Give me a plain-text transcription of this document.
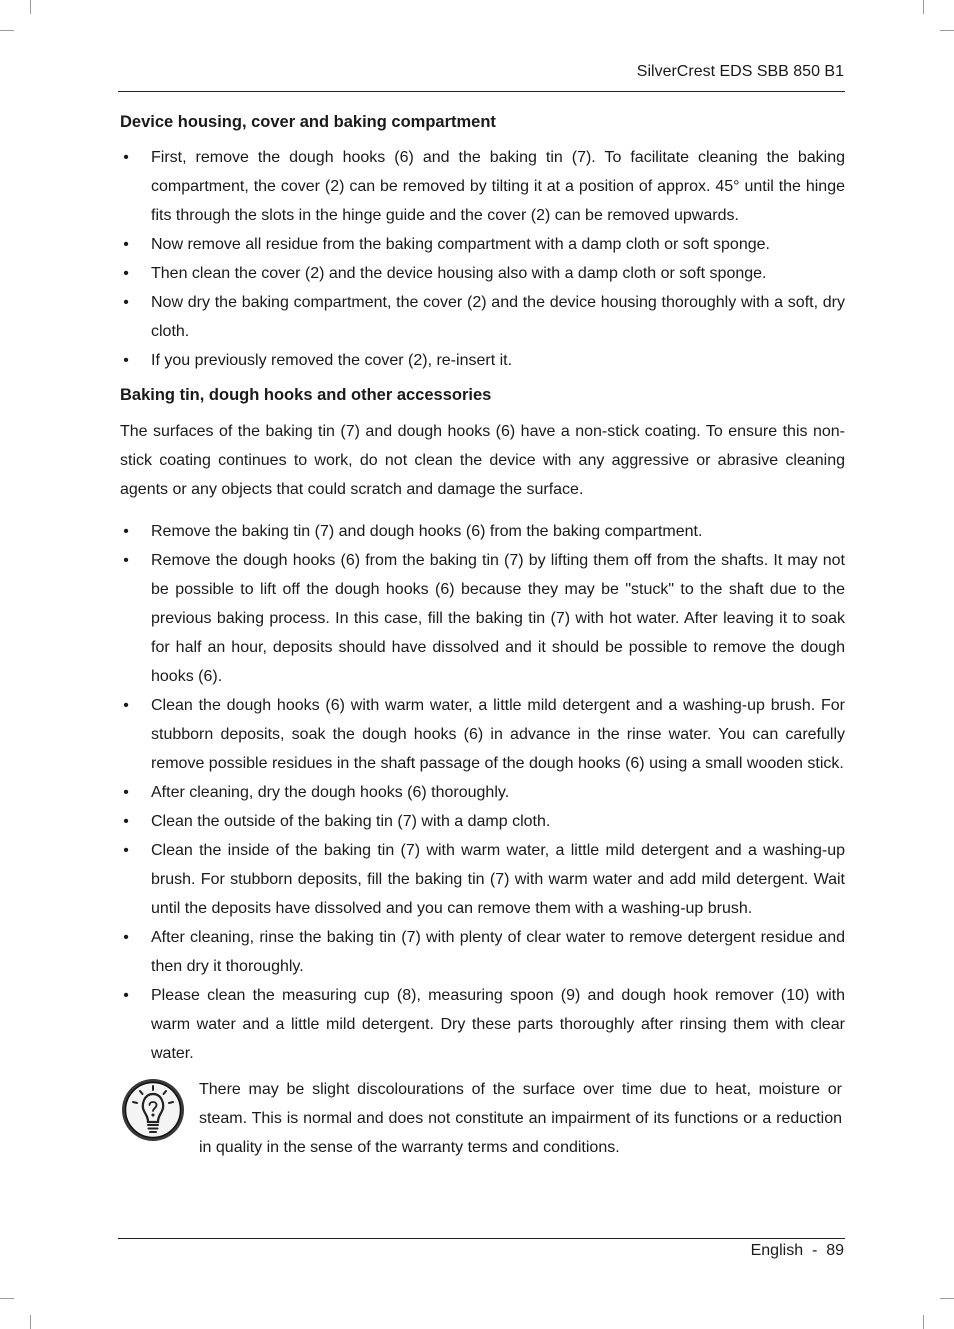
SilverCrest EDS SBB 850 B1
Device housing, cover and baking compartment
• First, remove the dough hooks (6) and the baking tin (7). To facilitate cleaning the baking compartment, the cover (2) can be removed by tilting it at a position of approx. 45° until the hinge fits through the slots in the hinge guide and the cover (2) can be removed upwards.
• Now remove all residue from the baking compartment with a damp cloth or soft sponge.
• Then clean the cover (2) and the device housing also with a damp cloth or soft sponge.
• Now dry the baking compartment, the cover (2) and the device housing thoroughly with a soft, dry cloth.
• If you previously removed the cover (2), re-insert it.
Baking tin, dough hooks and other accessories

The surfaces of the baking tin (7) and dough hooks (6) have a non-stick coating. To ensure this non-stick coating continues to work, do not clean the device with any aggressive or abrasive cleaning agents or any objects that could scratch and damage the surface.

• Remove the baking tin (7) and dough hooks (6) from the baking compartment.
• Remove the dough hooks (6) from the baking tin (7) by lifting them off from the shafts. It may not be possible to lift off the dough hooks (6) because they may be "stuck" to the shaft due to the previous baking process. In this case, fill the baking tin (7) with hot water. After leaving it to soak for half an hour, deposits should have dissolved and it should be possible to remove the dough hooks (6).
• Clean the dough hooks (6) with warm water, a little mild detergent and a washing-up brush. For stubborn deposits, soak the dough hooks (6) in advance in the rinse water. You can carefully remove possible residues in the shaft passage of the dough hooks (6) using a small wooden stick.
• After cleaning, dry the dough hooks (6) thoroughly.
• Clean the outside of the baking tin (7) with a damp cloth.
• Clean the inside of the baking tin (7) with warm water, a little mild detergent and a washing-up brush. For stubborn deposits, fill the baking tin (7) with warm water and add mild detergent. Wait until the deposits have dissolved and you can remove them with a washing-up brush.
• After cleaning, rinse the baking tin (7) with plenty of clear water to remove detergent residue and then dry it thoroughly.
• Please clean the measuring cup (8), measuring spoon (9) and dough hook remover (10) with warm water and a little mild detergent. Dry these parts thoroughly after rinsing them with clear water.
There may be slight discolourations of the surface over time due to heat, moisture or steam. This is normal and does not constitute an impairment of its functions or a reduction in quality in the sense of the warranty terms and conditions.
English - 89
